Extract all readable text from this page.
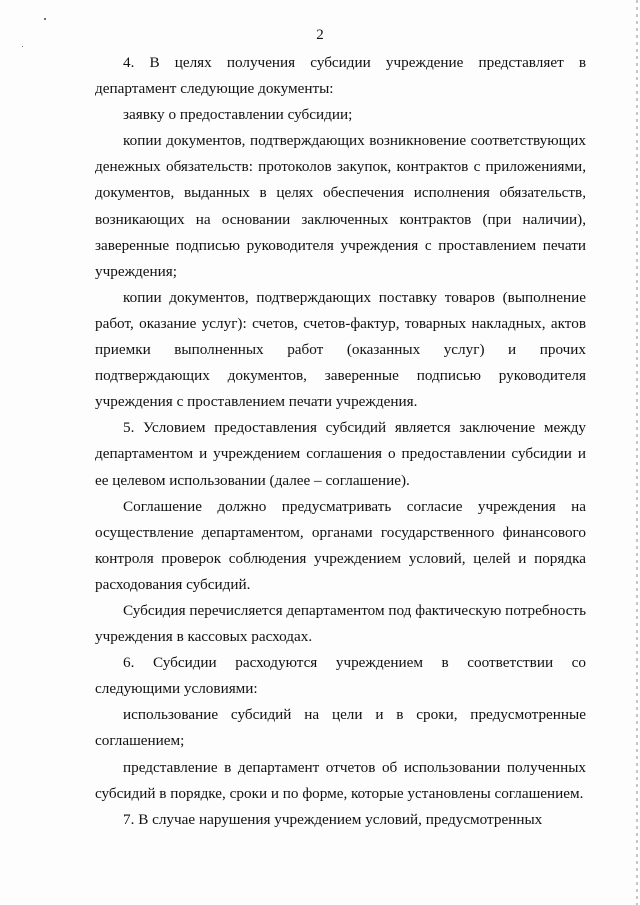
2

4. В целях получения субсидии учреждение представляет в департамент следующие документы:

заявку о предоставлении субсидии;

копии документов, подтверждающих возникновение соответствующих денежных обязательств: протоколов закупок, контрактов с приложениями, документов, выданных в целях обеспечения исполнения обязательств, возникающих на основании заключенных контрактов (при наличии), заверенные подписью руководителя учреждения с проставлением печати учреждения;

копии документов, подтверждающих поставку товаров (выполнение работ, оказание услуг): счетов, счетов-фактур, товарных накладных, актов приемки выполненных работ (оказанных услуг) и прочих подтверждающих документов, заверенные подписью руководителя учреждения с проставлением печати учреждения.

5. Условием предоставления субсидий является заключение между департаментом и учреждением соглашения о предоставлении субсидии и ее целевом использовании (далее – соглашение).

Соглашение должно предусматривать согласие учреждения на осуществление департаментом, органами государственного финансового контроля проверок соблюдения учреждением условий, целей и порядка расходования субсидий.

Субсидия перечисляется департаментом под фактическую потребность учреждения в кассовых расходах.

6. Субсидии расходуются учреждением в соответствии со следующими условиями:

использование субсидий на цели и в сроки, предусмотренные соглашением;

представление в департамент отчетов об использовании полученных субсидий в порядке, сроки и по форме, которые установлены соглашением.

7. В случае нарушения учреждением условий, предусмотренных
